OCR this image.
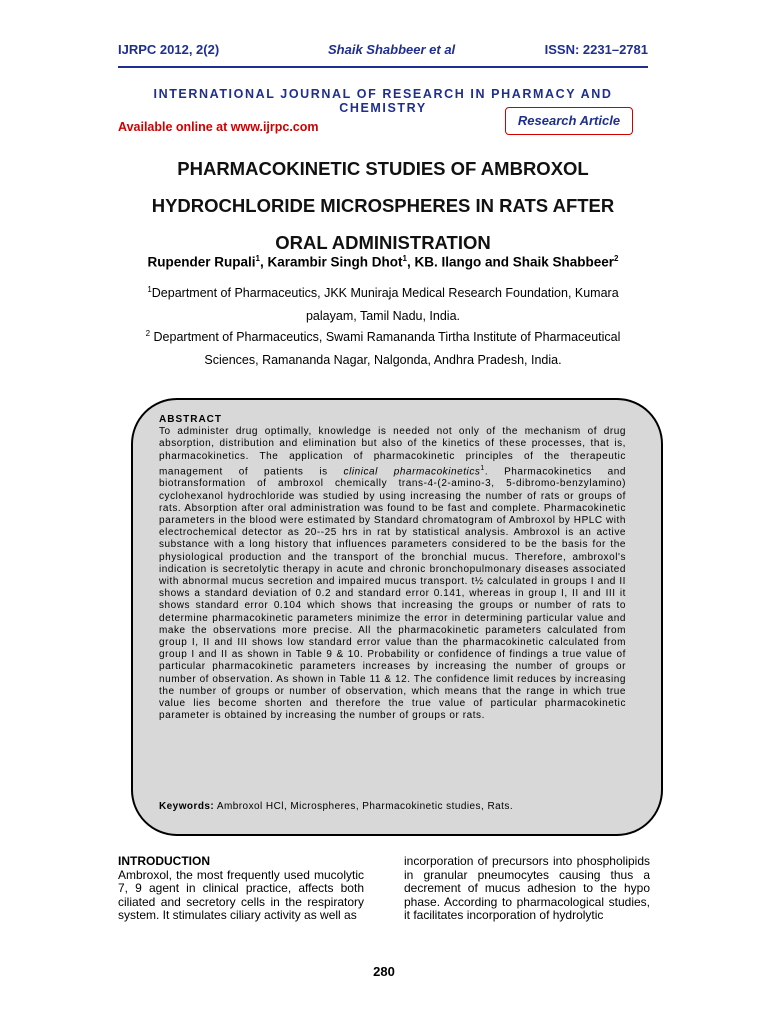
IJRPC 2012, 2(2)	Shaik Shabbeer et al	ISSN: 2231–2781
INTERNATIONAL JOURNAL OF RESEARCH IN PHARMACY AND CHEMISTRY
Available online at www.ijrpc.com	Research Article
PHARMACOKINETIC STUDIES OF AMBROXOL
HYDROCHLORIDE MICROSPHERES IN RATS AFTER
ORAL ADMINISTRATION
Rupender Rupali$^1$, Karambir Singh Dhot$^1$, KB. Ilango and Shaik Shabbeer$^2$
$^1$Department of Pharmaceutics, JKK Muniraja Medical Research Foundation, Kumara
palayam, Tamil Nadu, India.
$^2$ Department of Pharmaceutics, Swami Ramananda Tirtha Institute of Pharmaceutical
Sciences, Ramananda Nagar, Nalgonda, Andhra Pradesh, India.
ABSTRACT
To administer drug optimally, knowledge is needed not only of the mechanism of drug absorption, distribution and elimination but also of the kinetics of these processes, that is, pharmacokinetics. The application of pharmacokinetic principles of the therapeutic management of patients is clinical pharmacokinetics$^1$. Pharmacokinetics and biotransformation of ambroxol chemically trans-4-(2-amino-3, 5-dibromo-benzylamino) cyclohexanol hydrochloride was studied by using increasing the number of rats or groups of rats. Absorption after oral administration was found to be fast and complete. Pharmacokinetic parameters in the blood were estimated by Standard chromatogram of Ambroxol by HPLC with electrochemical detector as 20--25 hrs in rat by statistical analysis. Ambroxol is an active substance with a long history that influences parameters considered to be the basis for the physiological production and the transport of the bronchial mucus. Therefore, ambroxol's indication is secretolytic therapy in acute and chronic bronchopulmonary diseases associated with abnormal mucus secretion and impaired mucus transport. t½ calculated in groups I and II shows a standard deviation of 0.2 and standard error 0.141, whereas in group I, II and III it shows standard error 0.104 which shows that increasing the groups or number of rats to determine pharmacokinetic parameters minimize the error in determining particular value and make the observations more precise. All the pharmacokinetic parameters calculated from group I, II and III shows low standard error value than the pharmacokinetic calculated from group I and II as shown in Table 9 & 10. Probability or confidence of findings a true value of particular pharmacokinetic parameters increases by increasing the number of groups or number of observation. As shown in Table 11 & 12. The confidence limit reduces by increasing the number of groups or number of observation, which means that the range in which true value lies become shorten and therefore the true value of particular pharmacokinetic parameter is obtained by increasing the number of groups or rats.
Keywords: Ambroxol HCl, Microspheres, Pharmacokinetic studies, Rats.
INTRODUCTION
Ambroxol, the most frequently used mucolytic 7, 9 agent in clinical practice, affects both ciliated and secretory cells in the respiratory system. It stimulates ciliary activity as well as
incorporation of precursors into phospholipids in granular pneumocytes causing thus a decrement of mucus adhesion to the hypo phase. According to pharmacological studies, it facilitates incorporation of hydrolytic
280
